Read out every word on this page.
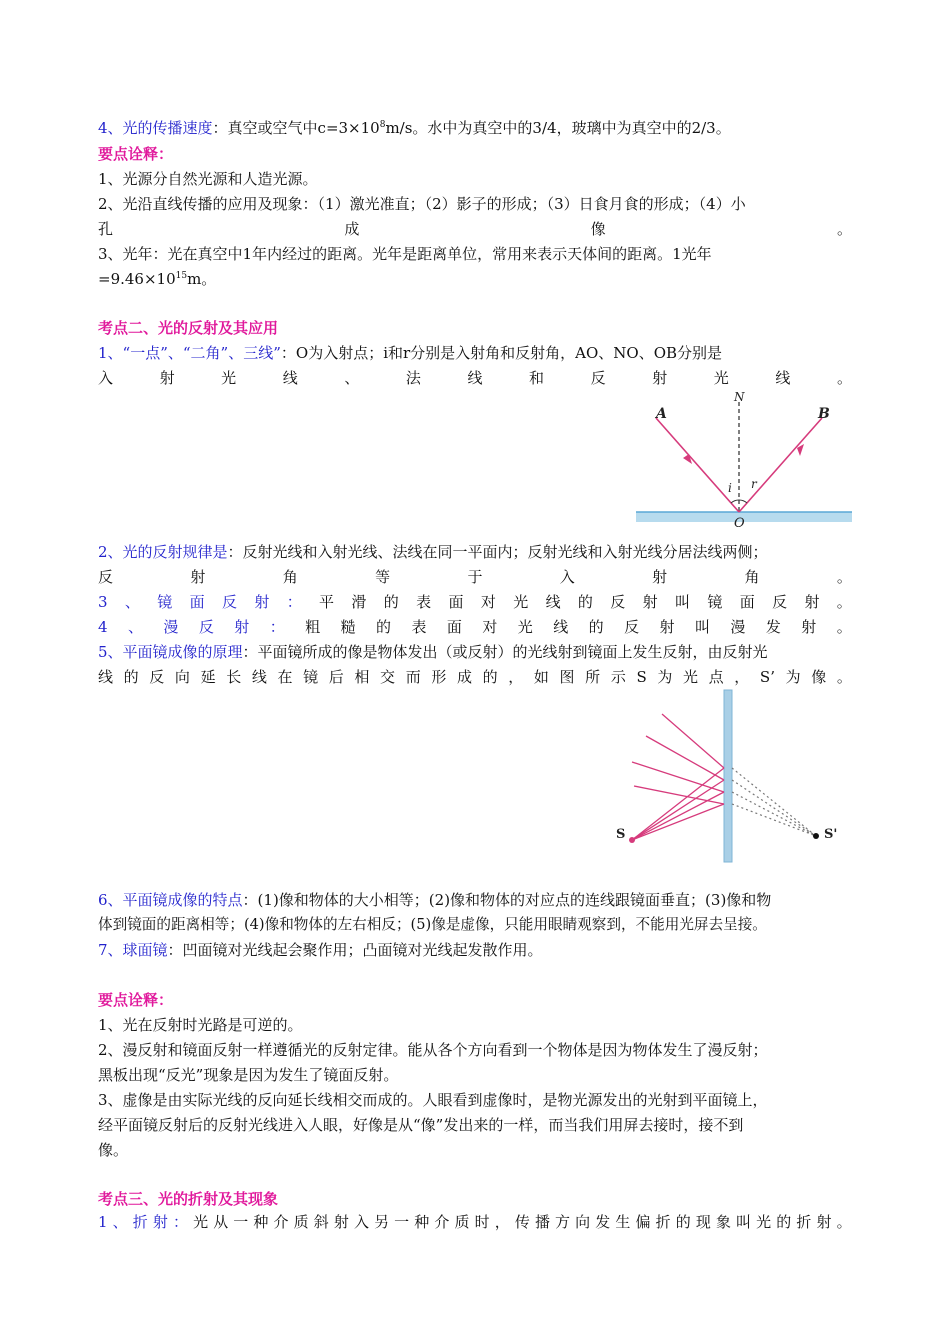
4、光的传播速度：真空或空气中$c=3\times 10^8m/s$。水中为真空中的3/4，玻璃中为真空中的2/3。
要点诠释：
1、光源分自然光源和人造光源。
2、光沿直线传播的应用及现象：（1）激光准直；（2）影子的形成；（3）日食月食的形成；（4）小
孔	成	像	。
3、光年：光在真空中1年内经过的距离。光年是距离单位，常用来表示天体间的距离。1光年
$=9.46\times 10^{15}m$。
考点二、光的反射及其应用
1、“一点”、“二角”、三线”：O为入射点；i和r分别是入射角和反射角，AO、NO、OB分别是
入	射	光	线	、	法	线	和	反	射	光	线	。
A	B
N
O
i r
2、光的反射规律是：反射光线和入射光线、法线在同一平面内；反射光线和入射光线分居法线两侧；
反	射	角	等	于	入	射	角	。
3 、 镜 面 反 射 ： 平 滑 的 表 面 对 光 线 的 反 射 叫 镜 面 反 射 。
4 、 漫 反 射 ： 粗 糙 的 表 面 对 光 线 的 反 射 叫 漫 发 射 。
5、平面镜成像的原理：平面镜所成的像是物体发出（或反射）的光线射到镜面上发生反射，由反射光
线 的 反 向 延 长 线 在 镜 后 相 交 而 形 成 的 ， 如 图 所 示 S 为 光 点 ， S’ 为 像 。
S	S'
6、平面镜成像的特点：(1)像和物体的大小相等；(2)像和物体的对应点的连线跟镜面垂直；(3)像和物
体到镜面的距离相等；(4)像和物体的左右相反；(5)像是虚像，只能用眼睛观察到，不能用光屏去呈接。
7、球面镜：凹面镜对光线起会聚作用；凸面镜对光线起发散作用。
要点诠释：
1、光在反射时光路是可逆的。
2、漫反射和镜面反射一样遵循光的反射定律。能从各个方向看到一个物体是因为物体发生了漫反射；
黑板出现“反光”现象是因为发生了镜面反射。
3、虚像是由实际光线的反向延长线相交而成的。人眼看到虚像时，是物光源发出的光射到平面镜上，
经平面镜反射后的反射光线进入人眼，好像是从“像”发出来的一样，而当我们用屏去接时，接不到
像。
考点三、光的折射及其现象
1 、 折 射 ： 光 从 一 种 介 质 斜 射 入 另 一 种 介 质 时 ， 传 播 方 向 发 生 偏 折 的 现 象 叫 光 的 折 射 。
